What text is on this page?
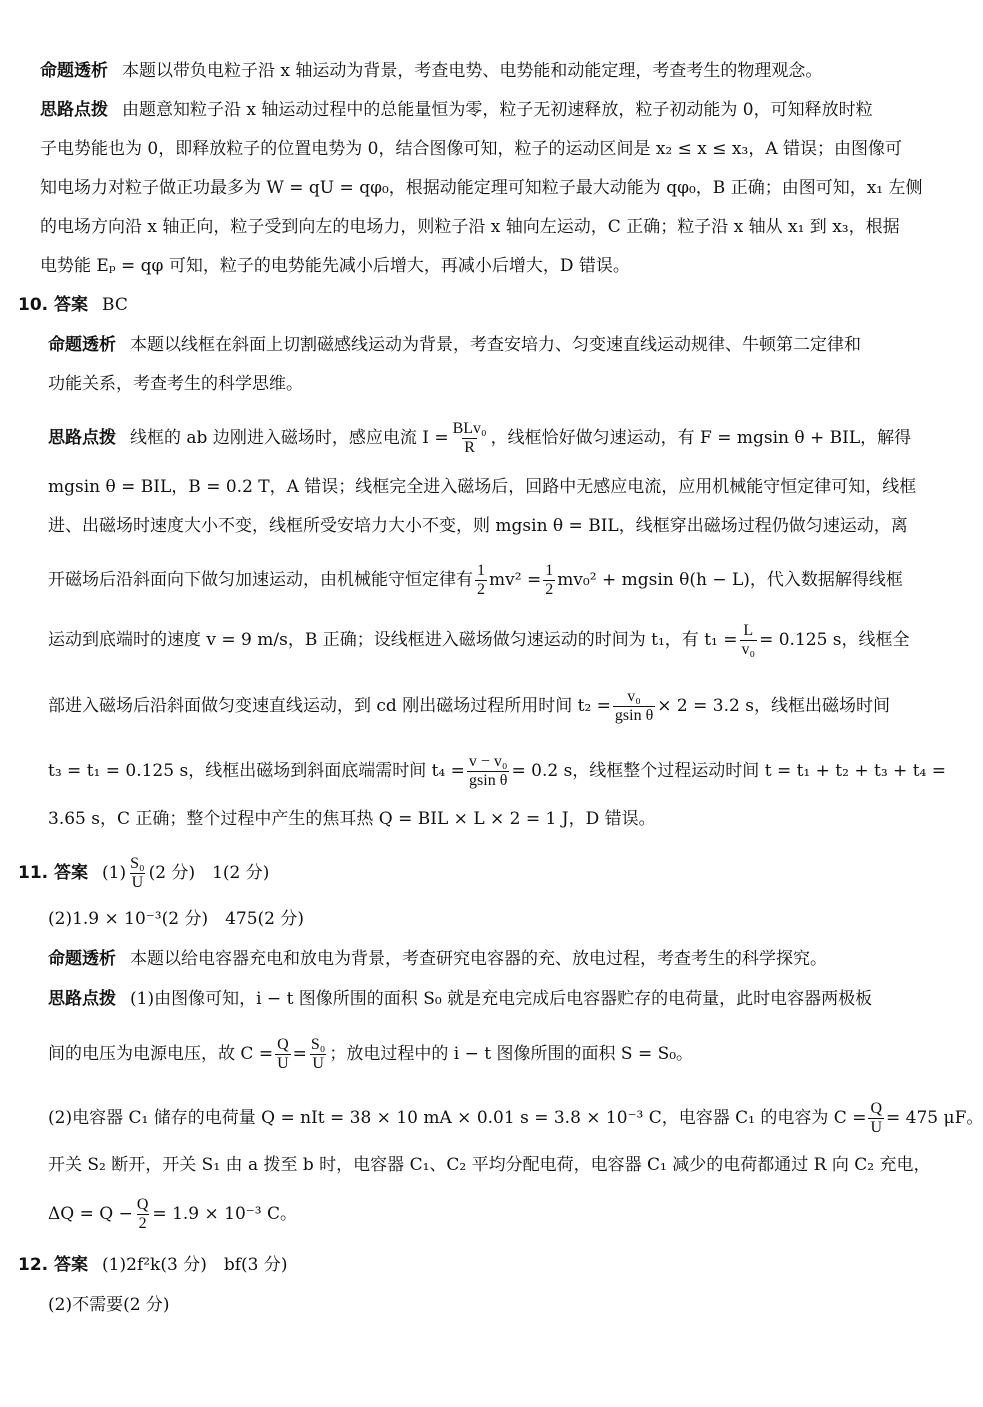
命题透析 本题以带负电粒子沿 x 轴运动为背景，考查电势、电势能和动能定理，考查考生的物理观念。
思路点拨 由题意知粒子沿 x 轴运动过程中的总能量恒为零，粒子无初速释放，粒子初动能为 0，可知释放时粒
子电势能也为 0，即释放粒子的位置电势为 0，结合图像可知，粒子的运动区间是 x₂ ≤ x ≤ x₃，A 错误；由图像可
知电场力对粒子做正功最多为 W = qU = qφ₀，根据动能定理可知粒子最大动能为 qφ₀，B 正确；由图可知，x₁ 左侧
的电场方向沿 x 轴正向，粒子受到向左的电场力，则粒子沿 x 轴向左运动，C 正确；粒子沿 x 轴从 x₁ 到 x₃，根据
电势能 Eₚ = qφ 可知，粒子的电势能先减小后增大，再减小后增大，D 错误。
10. 答案 BC
命题透析 本题以线框在斜面上切割磁感线运动为背景，考查安培力、匀变速直线运动规律、牛顿第二定律和
功能关系，考查考生的科学思维。
思路点拨 线框的 ab 边刚进入磁场时，感应电流 $I = \frac{\text{BLv₀}}{R}$ ，线框恰好做匀速运动，有 F = mgsin θ + BIL，解得
mgsin θ = BIL，B = 0.2 T，A 错误；线框完全进入磁场后，回路中无感应电流，应用机械能守恒定律可知，线框
进、出磁场时速度大小不变，线框所受安培力大小不变，则 mgsin θ = BIL，线框穿出磁场过程仍做匀速运动，离
开磁场后沿斜面向下做匀加速运动，由机械能守恒定律有 $\frac{1}{2} mv^2 = \frac{1}{2} mv_0^2 + mgsin$ θ(h − L)，代入数据解得线框
运动到底端时的速度 v = 9 m/s，B 正确；设线框进入磁场做匀速运动的时间为 t₁，有 $t_1 = \frac{L}{\text{v₀}} = 0.125$ s，线框全
部进入磁场后沿斜面做匀变速直线运动，到 cd 刚出磁场过程所用时间 $t_2 = \frac{\text{v₀}}{\text{gsin θ}} \times 2 = 3.2$ s，线框出磁场时间
t₃ = t₁ = 0.125 s，线框出磁场到斜面底端需时间 $t_4 = \frac{\text{v − v₀}}{\text{gsin θ}} = 0.2$ s，线框整个过程运动时间 t = t₁ + t₂ + t₃ + t₄ =
3.65 s，C 正确；整个过程中产生的焦耳热 Q = BIL × L × 2 = 1 J，D 错误。
11. 答案 $(1) \frac{\text{S₀}}{U} (2$ 分)　1(2 分)
(2)1.9 × 10⁻³(2 分)　475(2 分)
命题透析 本题以给电容器充电和放电为背景，考查研究电容器的充、放电过程，考查考生的科学探究。
思路点拨 (1)由图像可知，i − t 图像所围的面积 S₀ 就是充电完成后电容器贮存的电荷量，此时电容器两极板
间的电压为电源电压，故 $C = \frac{Q}{U} = \frac{\text{S₀}}{U}$ ；放电过程中的 i − t 图像所围的面积 S = S₀。
(2)电容器 C₁ 储存的电荷量 Q = nIt = 38 × 10 mA × 0.01 s = 3.8 × 10⁻³ C，电容器 C₁ 的电容为 $C = \frac{Q}{U} = 475$ μF。
开关 S₂ 断开，开关 S₁ 由 a 拨至 b 时，电容器 C₁、C₂ 平均分配电荷，电容器 C₁ 减少的电荷都通过 R 向 C₂ 充电，
$\Delta Q = Q - \frac{Q}{2} = 1.9 \times 10^{-3}$ C。
12. 答案 (1)2f²k(3 分)　bf(3 分)
(2)不需要(2 分)
